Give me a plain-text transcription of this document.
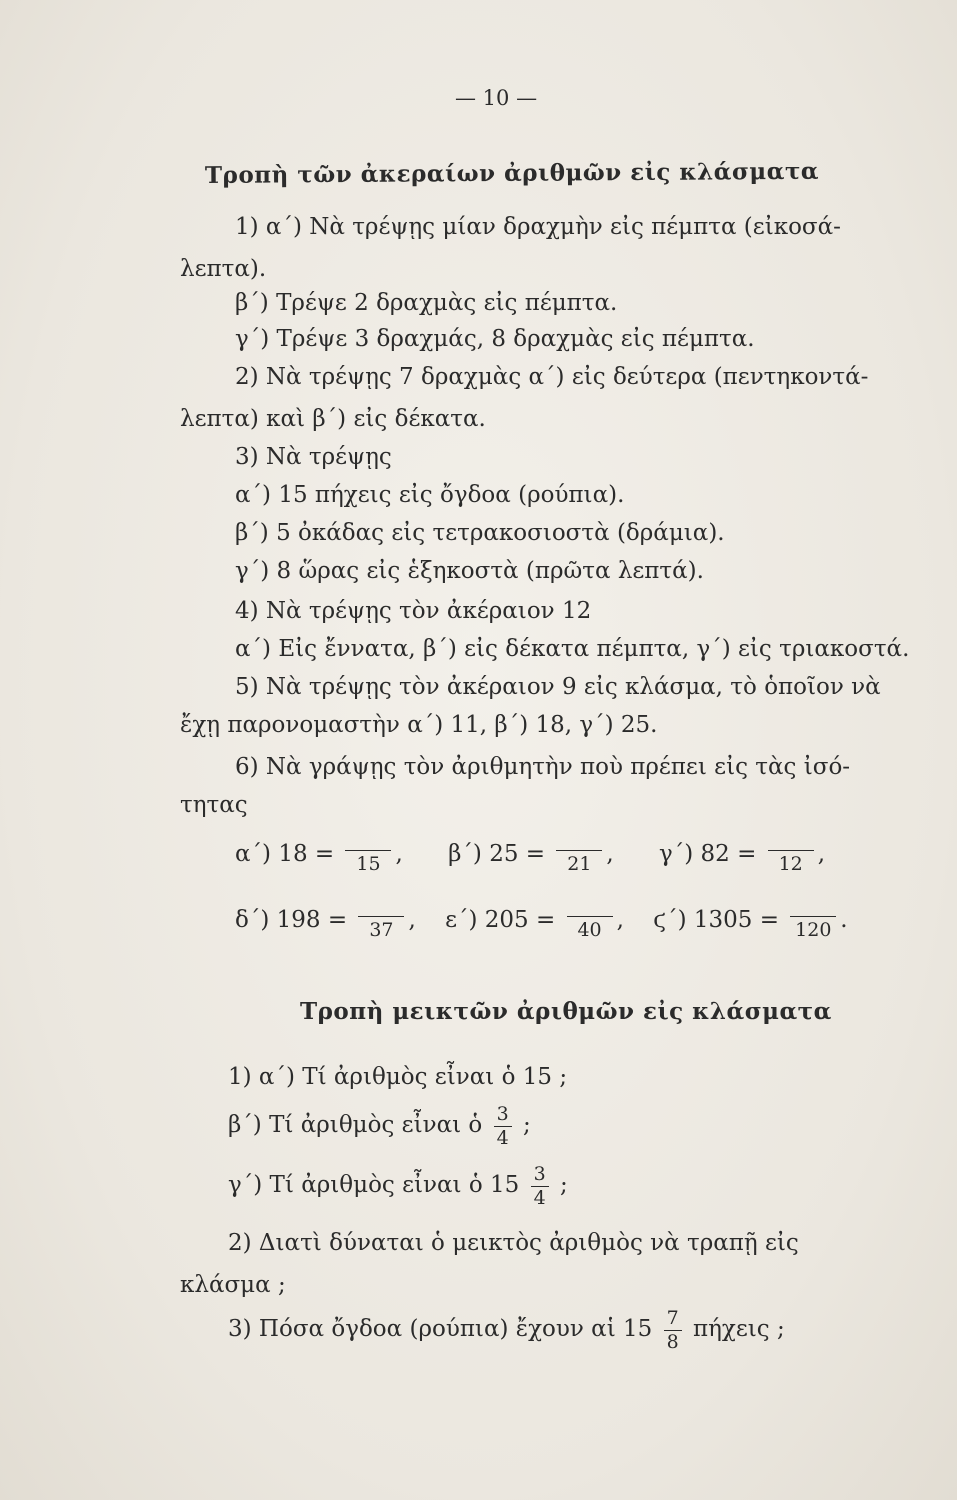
— 10 —
Τροπὴ τῶν ἀκεραίων ἀριθμῶν εἰς κλάσματα
1) α΄) Νὰ τρέψῃς μίαν δραχμὴν εἰς πέμπτα (εἰκοσά-
λεπτα).
β΄) Τρέψε 2 δραχμὰς εἰς πέμπτα.
γ΄) Τρέψε 3 δραχμάς, 8 δραχμὰς εἰς πέμπτα.
2) Νὰ τρέψῃς 7 δραχμὰς α΄) εἰς δεύτερα (πεντηκοντά-
λεπτα) καὶ β΄) εἰς δέκατα.
3) Νὰ τρέψῃς
α΄) 15 πήχεις εἰς ὄγδοα (ρούπια).
β΄) 5 ὀκάδας εἰς τετρακοσιοστὰ (δράμια).
γ΄) 8 ὥρας εἰς ἑξηκοστὰ (πρῶτα λεπτά).
4) Νὰ τρέψῃς τὸν ἀκέραιον 12
α΄) Εἰς ἔννατα, β΄) εἰς δέκατα πέμπτα, γ΄) εἰς τριακοστά.
5) Νὰ τρέψῃς τὸν ἀκέραιον 9 εἰς κλάσμα, τὸ ὁποῖον νὰ
ἔχῃ παρονομαστὴν α΄) 11, β΄) 18, γ΄) 25.
6) Νὰ γράψῃς τὸν ἀριθμητὴν ποὺ πρέπει εἰς τὰς ἰσό-
τητας
α΄) 18 =	15 , β΄) 25 =	21 , γ΄) 82 =	12 ,
δ΄) 198 =	37 , ε΄) 205 =	40 , ϛ΄) 1305 = 120 .
Τροπὴ μεικτῶν ἀριθμῶν εἰς κλάσματα
1) α΄) Τί ἀριθμὸς εἶναι ὁ 15 ;
β΄) Τί ἀριθμὸς εἶναι ὁ $\frac{3}{4}$ ;
γ΄) Τί ἀριθμὸς εἶναι ὁ $15 \frac{3}{4}$ ;
2) Διατὶ δύναται ὁ μεικτὸς ἀριθμὸς νὰ τραπῇ εἰς
κλάσμα ;
3) Πόσα ὄγδοα (ρούπια) ἔχουν αἱ $15 \frac{7}{8}$ πήχεις ;
